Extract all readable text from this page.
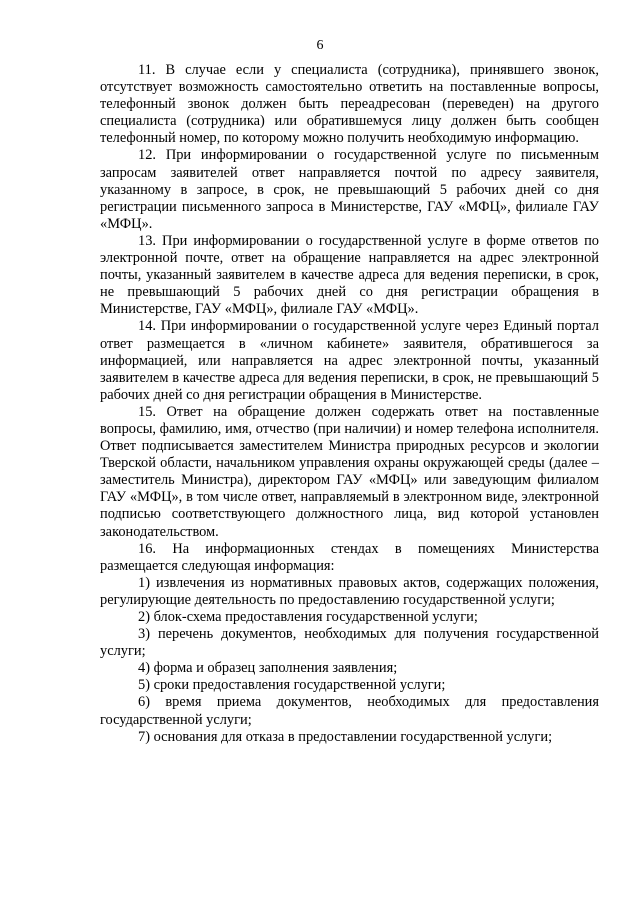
6

11. В случае если у специалиста (сотрудника), принявшего звонок, отсутствует возможность самостоятельно ответить на поставленные вопросы, телефонный звонок должен быть переадресован (переведен) на другого специалиста (сотрудника) или обратившемуся лицу должен быть сообщен телефонный номер, по которому можно получить необходимую информацию.

12. При информировании о государственной услуге по письменным запросам заявителей ответ направляется почтой по адресу заявителя, указанному в запросе, в срок, не превышающий 5 рабочих дней со дня регистрации письменного запроса в Министерстве, ГАУ «МФЦ», филиале ГАУ «МФЦ».

13. При информировании о государственной услуге в форме ответов по электронной почте, ответ на обращение направляется на адрес электронной почты, указанный заявителем в качестве адреса для ведения переписки, в срок, не превышающий 5 рабочих дней со дня регистрации обращения в Министерстве, ГАУ «МФЦ», филиале ГАУ «МФЦ».

14. При информировании о государственной услуге через Единый портал ответ размещается в «личном кабинете» заявителя, обратившегося за информацией, или направляется на адрес электронной почты, указанный заявителем в качестве адреса для ведения переписки, в срок, не превышающий 5 рабочих дней со дня регистрации обращения в Министерстве.

15. Ответ на обращение должен содержать ответ на поставленные вопросы, фамилию, имя, отчество (при наличии) и номер телефона исполнителя. Ответ подписывается заместителем Министра природных ресурсов и экологии Тверской области, начальником управления охраны окружающей среды (далее – заместитель Министра), директором ГАУ «МФЦ» или заведующим филиалом ГАУ «МФЦ», в том числе ответ, направляемый в электронном виде, электронной подписью соответствующего должностного лица, вид которой установлен законодательством.

16. На информационных стендах в помещениях Министерства размещается следующая информация:

1) извлечения из нормативных правовых актов, содержащих положения, регулирующие деятельность по предоставлению государственной услуги;

2) блок-схема предоставления государственной услуги;

3) перечень документов, необходимых для получения государственной услуги;

4) форма и образец заполнения заявления;

5) сроки предоставления государственной услуги;

6) время приема документов, необходимых для предоставления государственной услуги;

7) основания для отказа в предоставлении государственной услуги;
